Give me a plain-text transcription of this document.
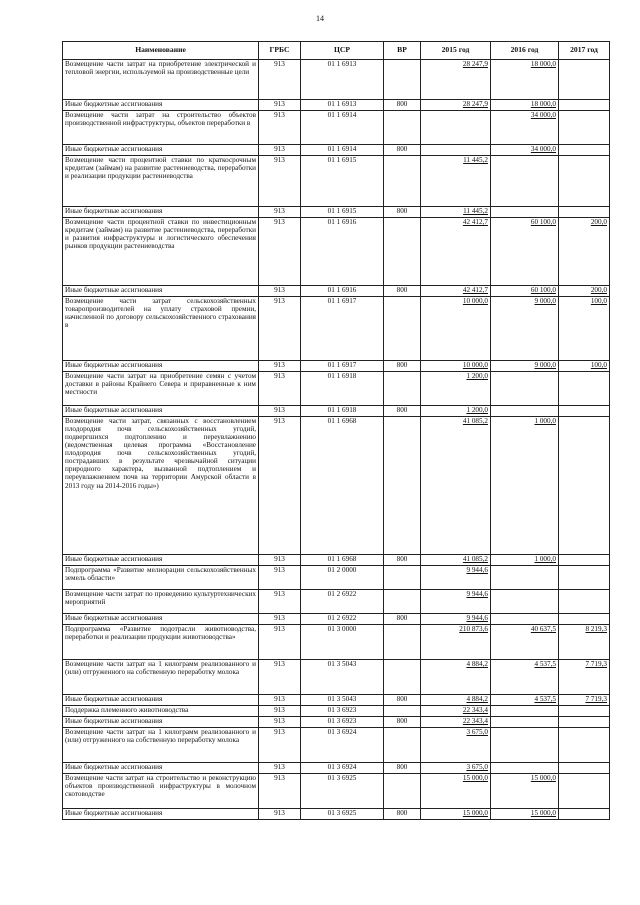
14
Наименование	ГРБС	ЦСР	ВР	2015 год	2016 год	2017 год
Возмещение части затрат на приобретение электрической и тепловой энергии, используемой на производственные цели	913	01 1 6913		28 247,9	18 000,0	
Иные бюджетные ассигнования	913	01 1 6913	800	28 247,9	18 000,0	
Возмещение части затрат на строительство объектов производственной инфраструктуры, объектов переработки в	913	01 1 6914			34 000,0	
Иные бюджетные ассигнования	913	01 1 6914	800		34 000,0	
Возмещение части процентной ставки по краткосрочным кредитам (займам) на развитие растениеводства, переработки и реализации продукции растениеводства	913	01 1 6915		11 445,2		
Иные бюджетные ассигнования	913	01 1 6915	800	11 445,2		
Возмещение части процентной ставки по инвестиционным кредитам (займам) на развитие растениеводства, переработки и развития инфраструктуры и логистического обеспечения рынков продукции растениеводства	913	01 1 6916		42 412,7	60 100,0	200,0
Иные бюджетные ассигнования	913	01 1 6916	800	42 412,7	60 100,0	200,0
Возмещение части затрат сельскохозяйственных товаропроизводителей на уплату страховой премии, начисленной по договору сельскохозяйственного страхования в	913	01 1 6917		10 000,0	9 000,0	100,0
Иные бюджетные ассигнования	913	01 1 6917	800	10 000,0	9 000,0	100,0
Возмещение части затрат на приобретение семян с учетом доставки в районы Крайнего Севера и приравненные к ним местности	913	01 1 6918		1 200,0		
Иные бюджетные ассигнования	913	01 1 6918	800	1 200,0		
Возмещение части затрат, связанных с восстановлением плодородия почв сельскохозяйственных угодий, подвергшихся подтоплению и переувлажнению (ведомственная целевая программа «Восстановление плодородия почв сельскохозяйственных угодий, пострадавших в результате чрезвычайной ситуации природного характера, вызванной подтоплением и переувлажнением почв на территории Амурской области в 2013 году на 2014-2016 годы»)	913	01 1 6968		41 085,2	1 000,0	
Иные бюджетные ассигнования	913	01 1 6968	800	41 085,2	1 000,0	
Подпрограмма «Развитие мелиорации сельскохозяйственных земель области»	913	01 2 0000		9 944,6		
Возмещение части затрат по проведению культуртехнических мероприятий	913	01 2 6922		9 944,6		
Иные бюджетные ассигнования	913	01 2 6922	800	9 944,6		
Подпрограмма «Развитие подотрасли животноводства, переработки и реализации продукции животноводства»	913	01 3 0000		210 873,6	40 637,5	8 219,3
Возмещение части затрат на 1 килограмм реализованного и (или) отгруженного на собственную переработку молока	913	01 3 5043		4 884,2	4 537,5	7 719,3
Иные бюджетные ассигнования	913	01 3 5043	800	4 884,2	4 537,5	7 719,3
Поддержка племенного животноводства	913	01 3 6923		22 343,4		
Иные бюджетные ассигнования	913	01 3 6923	800	22 343,4		
Возмещение части затрат на 1 килограмм реализованного и (или) отгруженного на собственную переработку молока	913	01 3 6924		3 675,0		
Иные бюджетные ассигнования	913	01 3 6924	800	3 675,0		
Возмещение части затрат на строительство и реконструкцию объектов производственной инфраструктуры в молочном скотоводстве	913	01 3 6925		15 000,0	15 000,0	
Иные бюджетные ассигнования	913	01 3 6925	800	15 000,0	15 000,0	
